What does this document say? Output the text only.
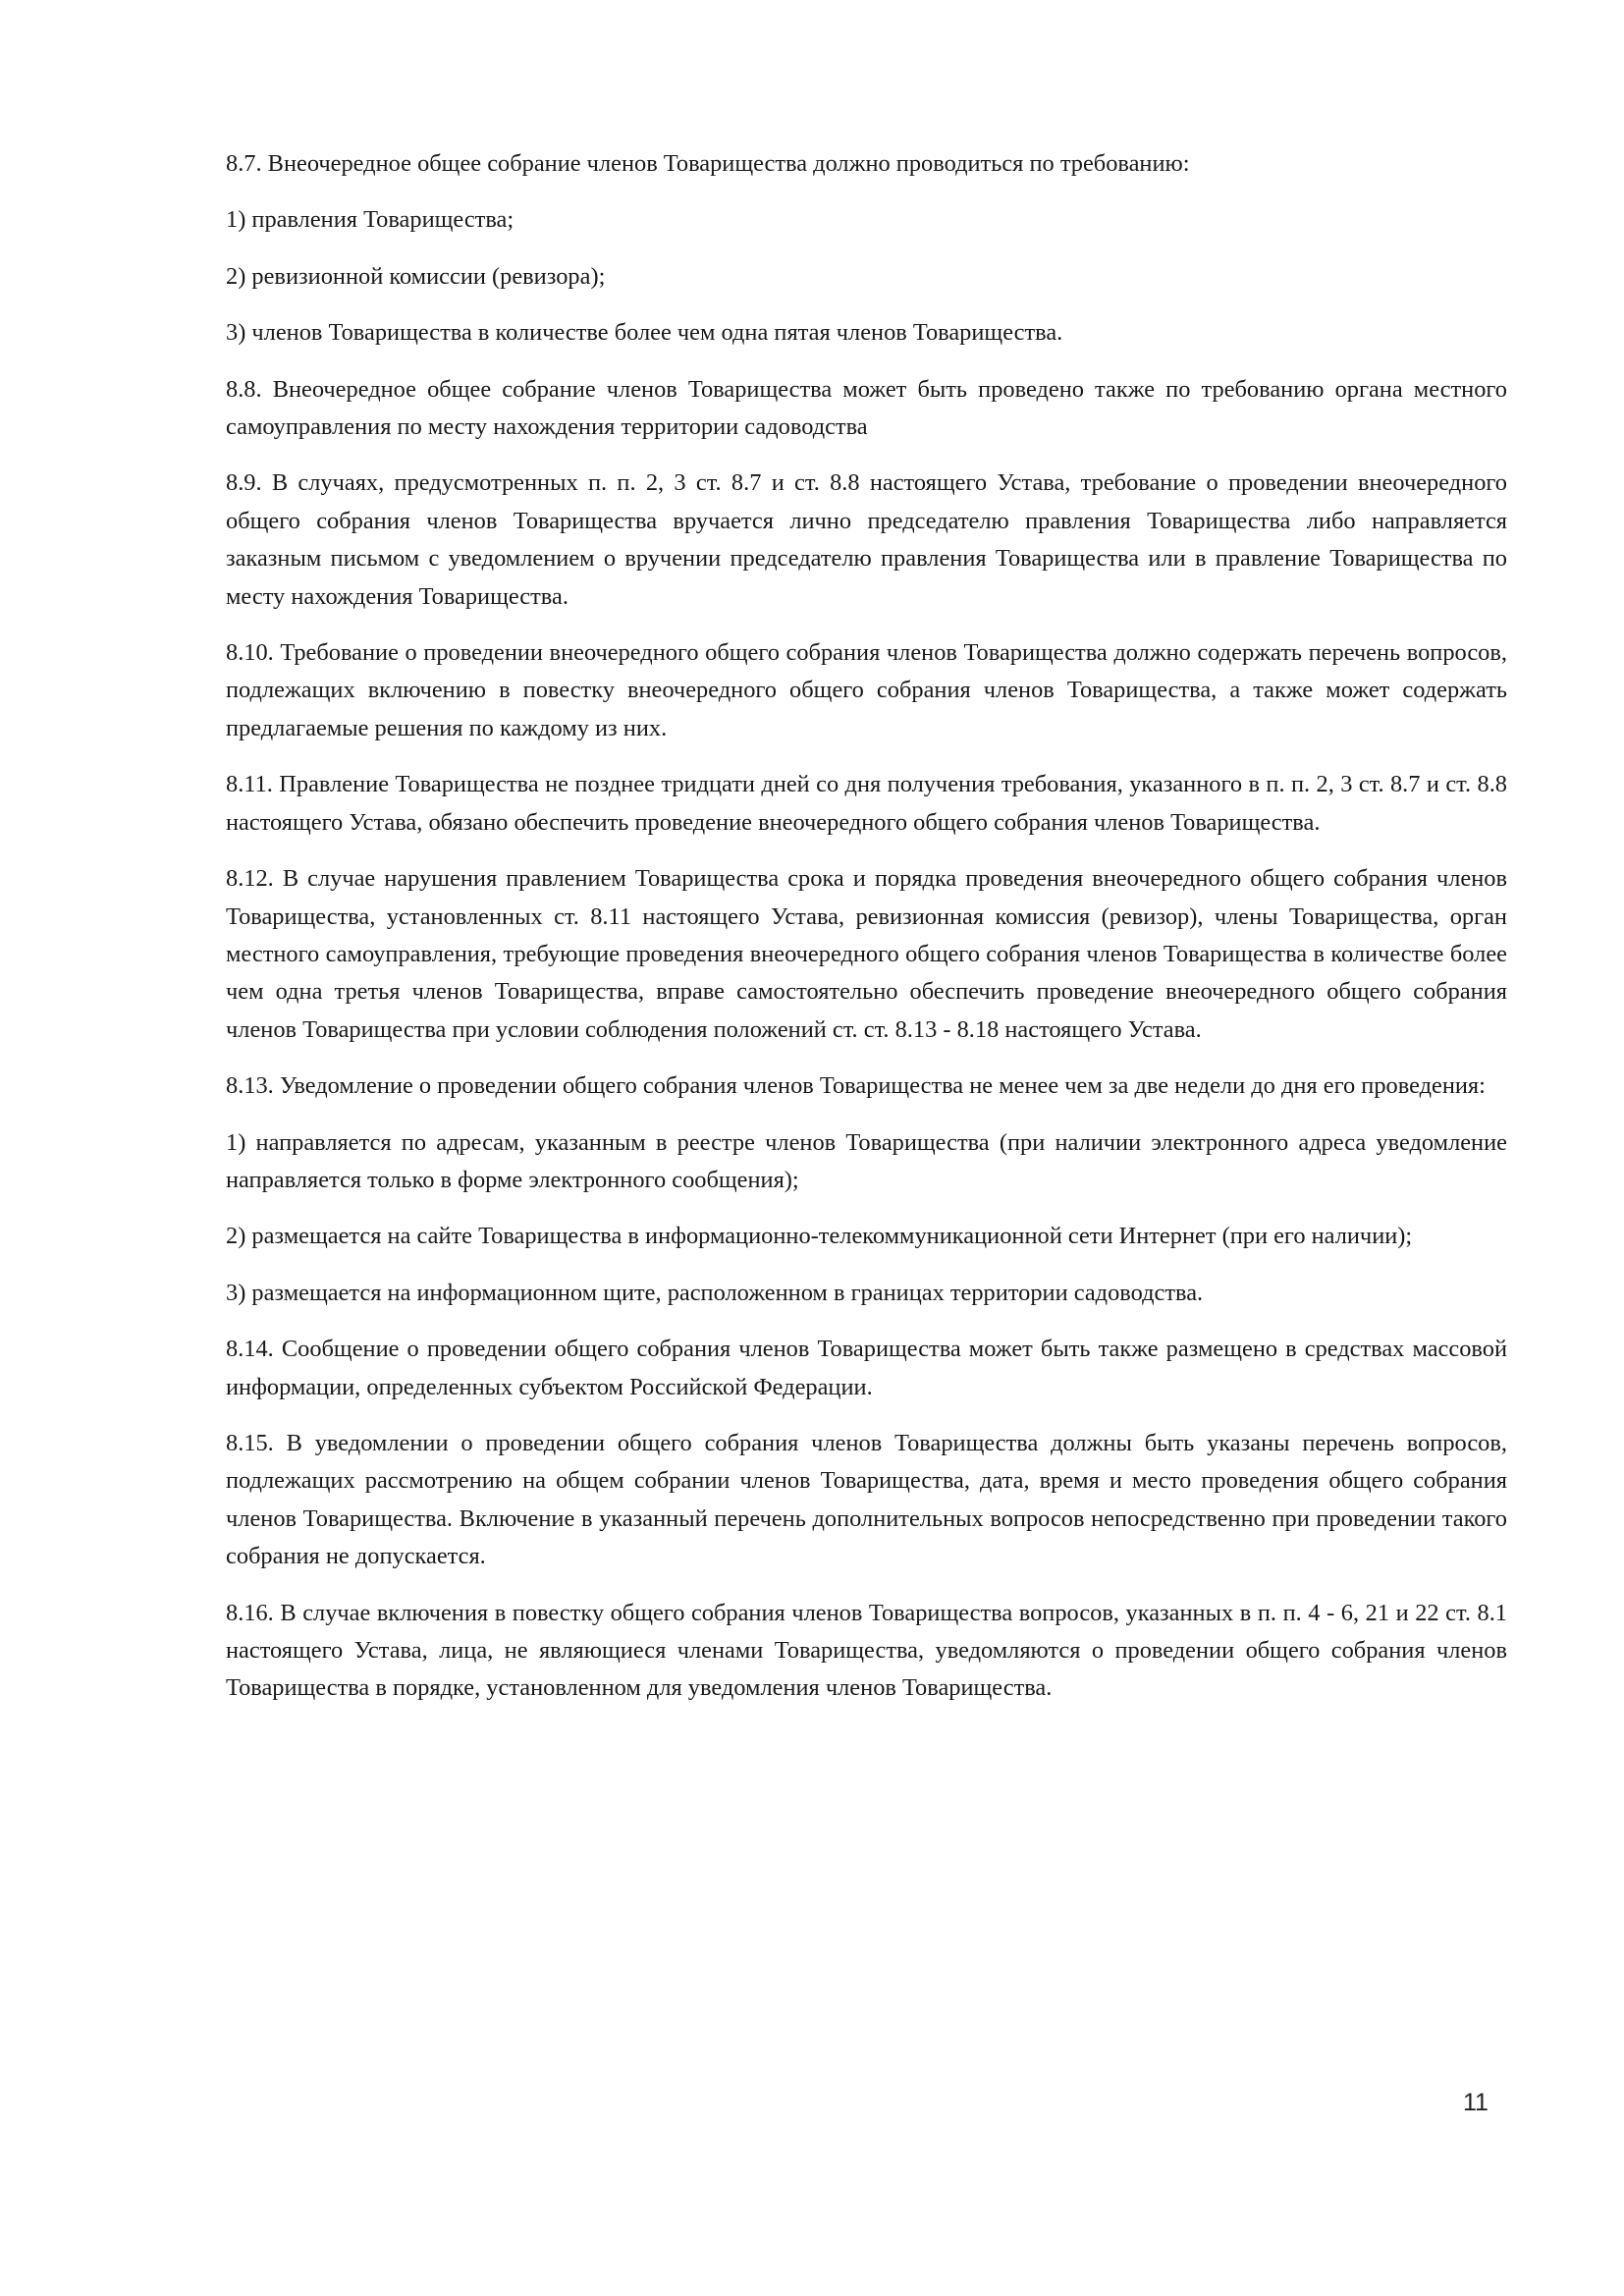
8.7. Внеочередное общее собрание членов Товарищества должно проводиться по требованию:

1) правления Товарищества;

2) ревизионной комиссии (ревизора);

3) членов Товарищества в количестве более чем одна пятая членов Товарищества.

8.8. Внеочередное общее собрание членов Товарищества может быть проведено также по требованию органа местного самоуправления по месту нахождения территории садоводства

8.9. В случаях, предусмотренных п. п. 2, 3 ст. 8.7 и ст. 8.8 настоящего Устава, требование о проведении внеочередного общего собрания членов Товарищества вручается лично председателю правления Товарищества либо направляется заказным письмом с уведомлением о вручении председателю правления Товарищества или в правление Товарищества по месту нахождения Товарищества.

8.10. Требование о проведении внеочередного общего собрания членов Товарищества должно содержать перечень вопросов, подлежащих включению в повестку внеочередного общего собрания членов Товарищества, а также может содержать предлагаемые решения по каждому из них.

8.11. Правление Товарищества не позднее тридцати дней со дня получения требования, указанного в п. п. 2, 3 ст. 8.7 и ст. 8.8 настоящего Устава, обязано обеспечить проведение внеочередного общего собрания членов Товарищества.

8.12. В случае нарушения правлением Товарищества срока и порядка проведения внеочередного общего собрания членов Товарищества, установленных ст. 8.11 настоящего Устава, ревизионная комиссия (ревизор), члены Товарищества, орган местного самоуправления, требующие проведения внеочередного общего собрания членов Товарищества в количестве более чем одна третья членов Товарищества, вправе самостоятельно обеспечить проведение внеочередного общего собрания членов Товарищества при условии соблюдения положений ст. ст. 8.13 - 8.18 настоящего Устава.

8.13. Уведомление о проведении общего собрания членов Товарищества не менее чем за две недели до дня его проведения:

1) направляется по адресам, указанным в реестре членов Товарищества (при наличии электронного адреса уведомление направляется только в форме электронного сообщения);

2) размещается на сайте Товарищества в информационно-телекоммуникационной сети Интернет (при его наличии);

3) размещается на информационном щите, расположенном в границах территории садоводства.

8.14. Сообщение о проведении общего собрания членов Товарищества может быть также размещено в средствах массовой информации, определенных субъектом Российской Федерации.

8.15. В уведомлении о проведении общего собрания членов Товарищества должны быть указаны перечень вопросов, подлежащих рассмотрению на общем собрании членов Товарищества, дата, время и место проведения общего собрания членов Товарищества. Включение в указанный перечень дополнительных вопросов непосредственно при проведении такого собрания не допускается.

8.16. В случае включения в повестку общего собрания членов Товарищества вопросов, указанных в п. п. 4 - 6, 21 и 22 ст. 8.1 настоящего Устава, лица, не являющиеся членами Товарищества, уведомляются о проведении общего собрания членов Товарищества в порядке, установленном для уведомления членов Товарищества.

11
